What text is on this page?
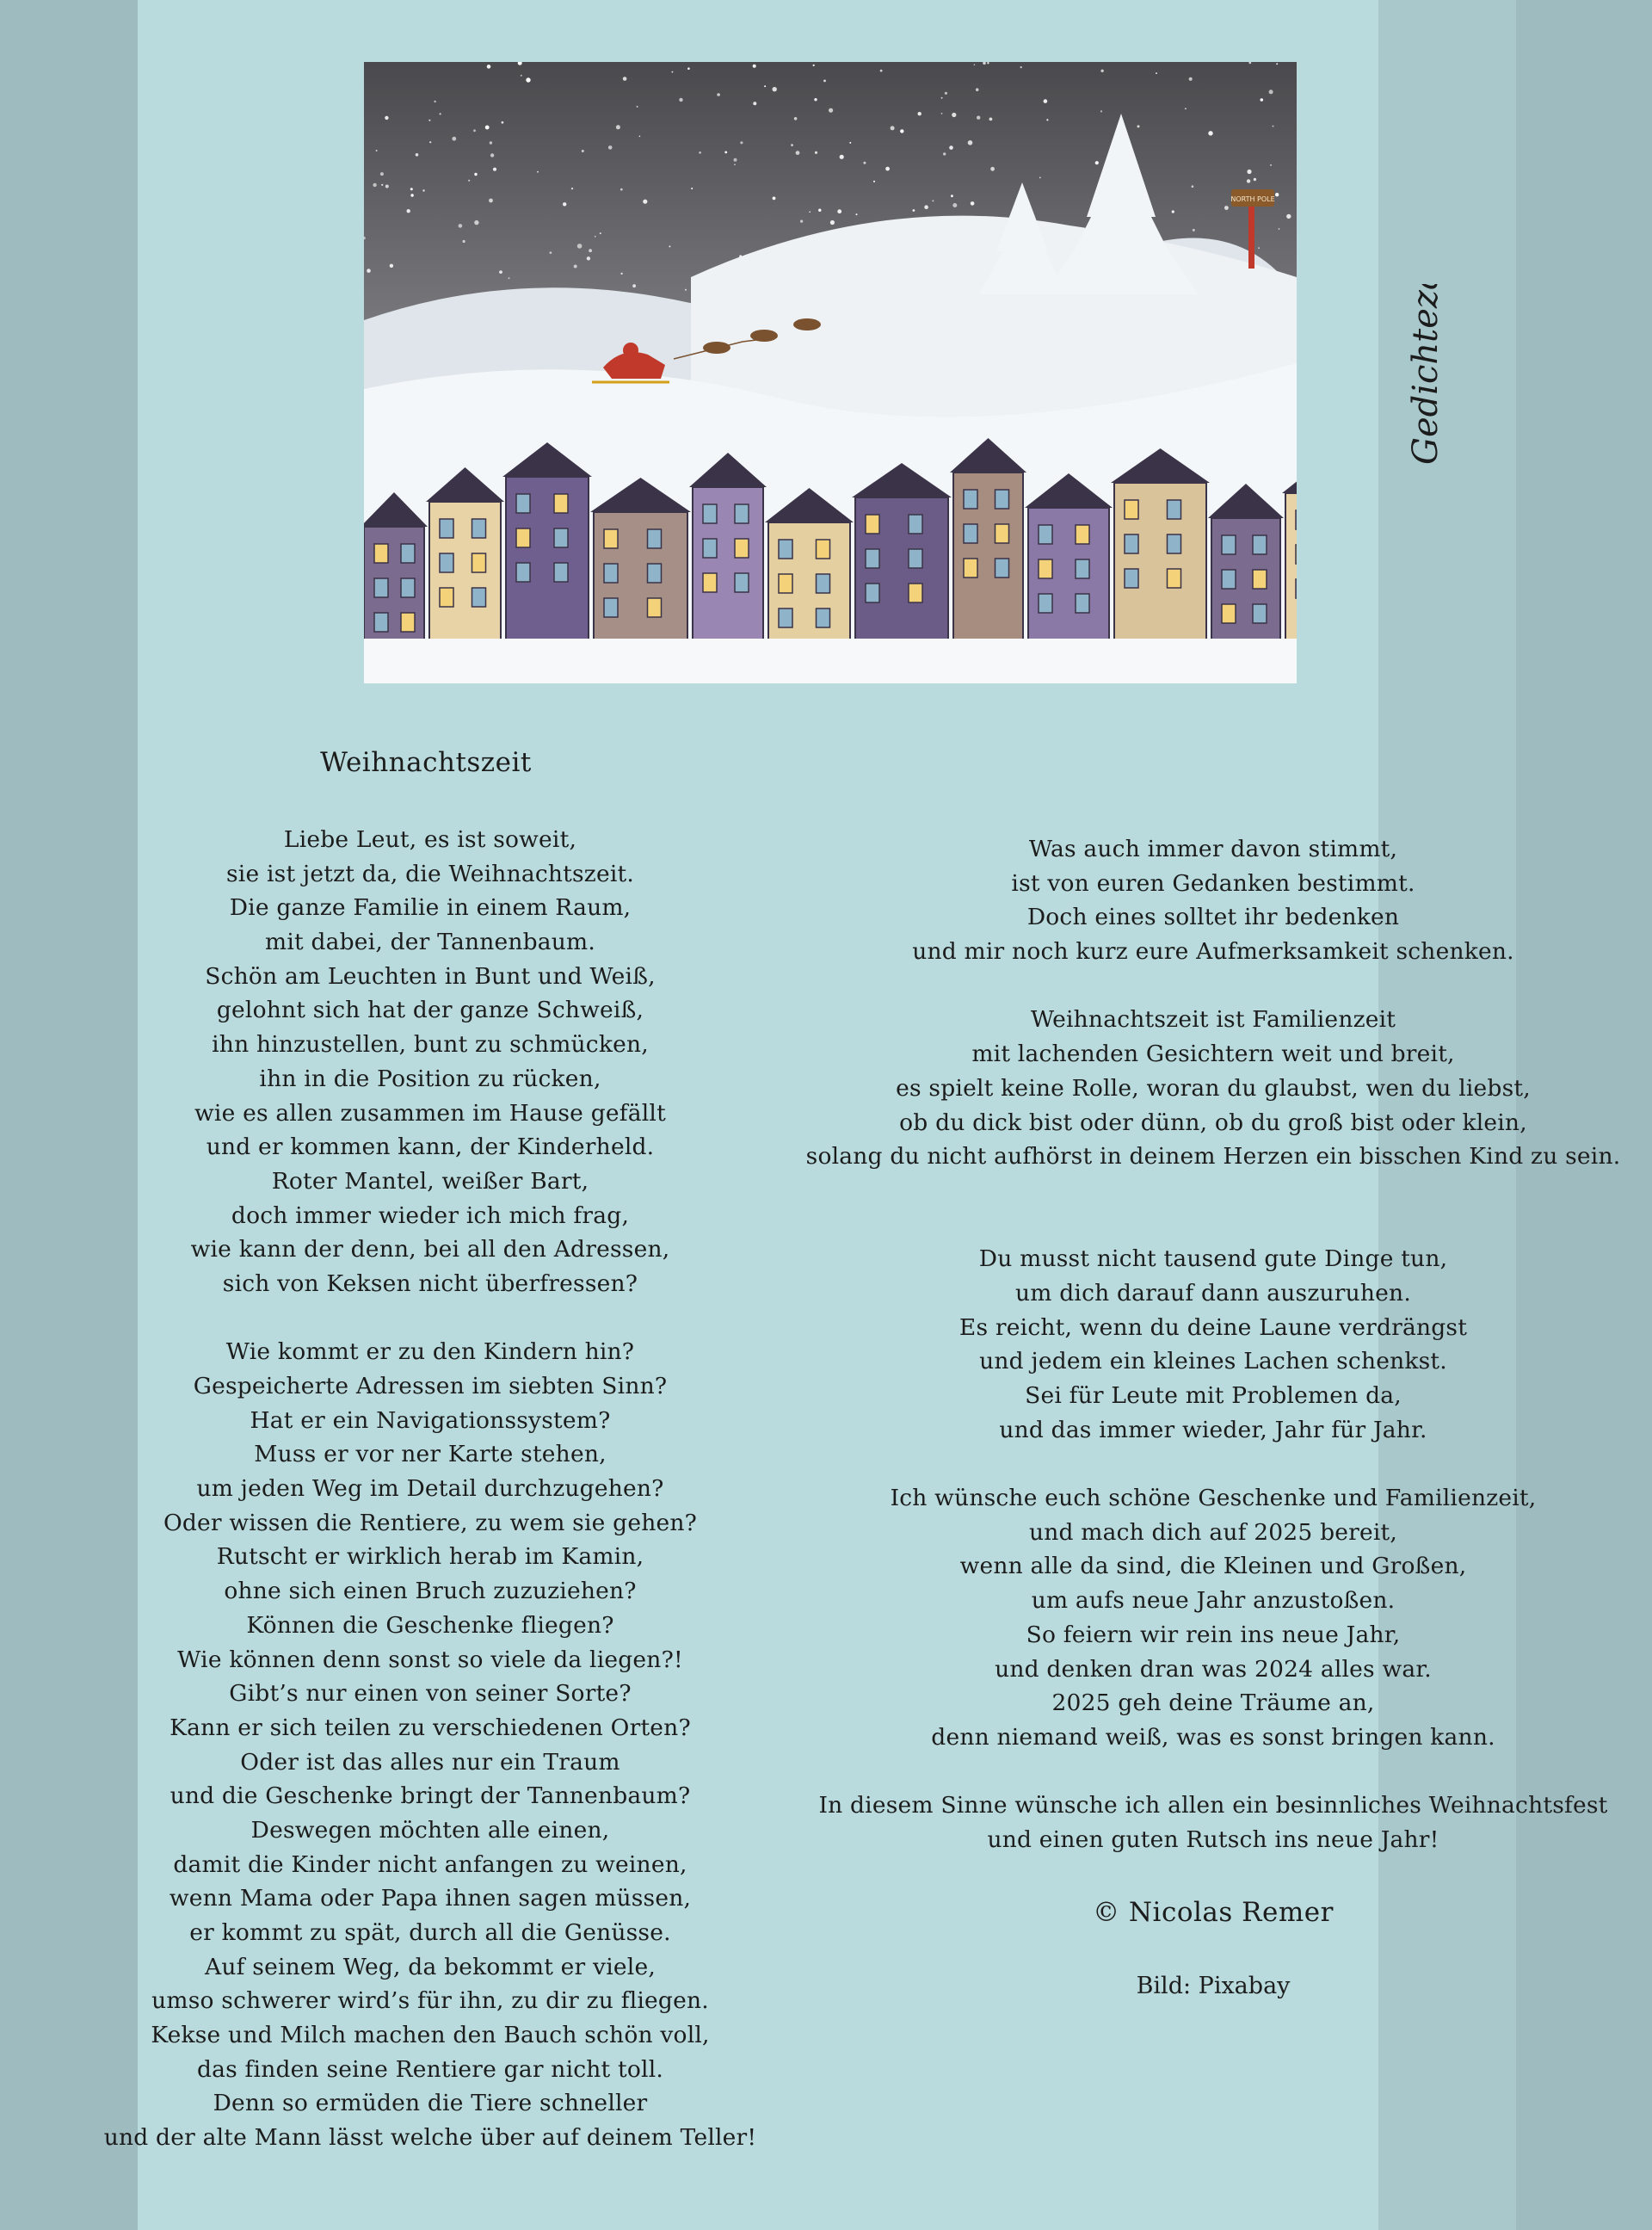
NORTH POLE	Gedichtezauber
Weihnachtszeit
Liebe Leut, es ist soweit,
sie ist jetzt da, die Weihnachtszeit.
Die ganze Familie in einem Raum,
mit dabei, der Tannenbaum.
Schön am Leuchten in Bunt und Weiß,
gelohnt sich hat der ganze Schweiß,
ihn hinzustellen, bunt zu schmücken,
ihn in die Position zu rücken,
wie es allen zusammen im Hause gefällt
und er kommen kann, der Kinderheld.
Roter Mantel, weißer Bart,
doch immer wieder ich mich frag,
wie kann der denn, bei all den Adressen,
sich von Keksen nicht überfressen?
Wie kommt er zu den Kindern hin?
Gespeicherte Adressen im siebten Sinn?
Hat er ein Navigationssystem?
Muss er vor ner Karte stehen,
um jeden Weg im Detail durchzugehen?
Oder wissen die Rentiere, zu wem sie gehen?
Rutscht er wirklich herab im Kamin,
ohne sich einen Bruch zuzuziehen?
Können die Geschenke fliegen?
Wie können denn sonst so viele da liegen?!
Gibt’s nur einen von seiner Sorte?
Kann er sich teilen zu verschiedenen Orten?
Oder ist das alles nur ein Traum
und die Geschenke bringt der Tannenbaum?
Deswegen möchten alle einen,
damit die Kinder nicht anfangen zu weinen,
wenn Mama oder Papa ihnen sagen müssen,
er kommt zu spät, durch all die Genüsse.
Auf seinem Weg, da bekommt er viele,
umso schwerer wird’s für ihn, zu dir zu fliegen.
Kekse und Milch machen den Bauch schön voll,
das finden seine Rentiere gar nicht toll.
Denn so ermüden die Tiere schneller
und der alte Mann lässt welche über auf deinem Teller!
Was auch immer davon stimmt,
ist von euren Gedanken bestimmt.
Doch eines solltet ihr bedenken
und mir noch kurz eure Aufmerksamkeit schenken.
Weihnachtszeit ist Familienzeit
mit lachenden Gesichtern weit und breit,
es spielt keine Rolle, woran du glaubst, wen du liebst,
ob du dick bist oder dünn, ob du groß bist oder klein,
solang du nicht aufhörst in deinem Herzen ein bisschen Kind zu sein.
Du musst nicht tausend gute Dinge tun,
um dich darauf dann auszuruhen.
Es reicht, wenn du deine Laune verdrängst
und jedem ein kleines Lachen schenkst.
Sei für Leute mit Problemen da,
und das immer wieder, Jahr für Jahr.
Ich wünsche euch schöne Geschenke und Familienzeit,
und mach dich auf 2025 bereit,
wenn alle da sind, die Kleinen und Großen,
um aufs neue Jahr anzustoßen.
So feiern wir rein ins neue Jahr,
und denken dran was 2024 alles war.
2025 geh deine Träume an,
denn niemand weiß, was es sonst bringen kann.
In diesem Sinne wünsche ich allen ein besinnliches Weihnachtsfest
und einen guten Rutsch ins neue Jahr!
© Nicolas Remer
Bild: Pixabay
